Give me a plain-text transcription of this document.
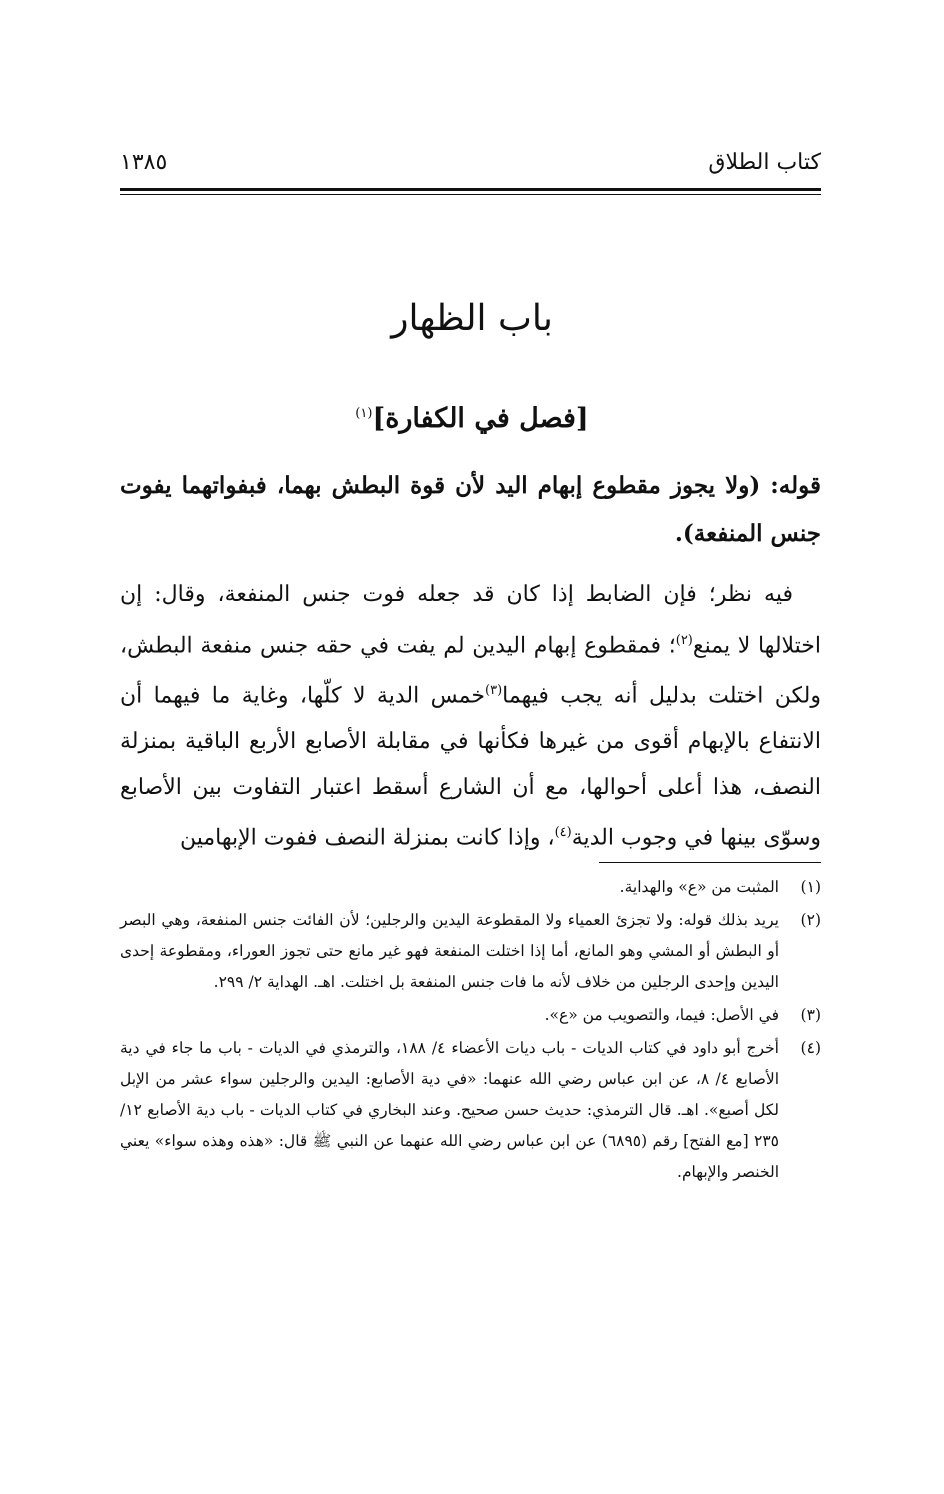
كتاب الطلاق
١٣٨٥
باب الظهار
[فصل في الكفارة]$^{(١)}$
قوله: (ولا يجوز مقطوع إبهام اليد لأن قوة البطش بهما، فبفواتهما يفوت جنس المنفعة).

فيه نظر؛ فإن الضابط إذا كان قد جعله فوت جنس المنفعة، وقال: إن اختلالها لا يمنع$^{(٢)}$؛ فمقطوع إبهام اليدين لم يفت في حقه جنس منفعة البطش، ولكن اختلت بدليل أنه يجب فيهما$^{(٣)}$خمس الدية لا كلّها، وغاية ما فيهما أن الانتفاع بالإبهام أقوى من غيرها فكأنها في مقابلة الأصابع الأربع الباقية بمنزلة النصف، هذا أعلى أحوالها، مع أن الشارع أسقط اعتبار التفاوت بين الأصابع وسوّى بينها في وجوب الدية$^{(٤)}$، وإذا كانت بمنزلة النصف ففوت الإبهامين

(١)
المثبت من «ع» والهداية.
(٢)
يريد بذلك قوله: ولا تجزئ العمياء ولا المقطوعة اليدين والرجلين؛ لأن الفائت جنس المنفعة، وهي البصر أو البطش أو المشي وهو المانع، أما إذا اختلت المنفعة فهو غير مانع حتى تجوز العوراء، ومقطوعة إحدى اليدين وإحدى الرجلين من خلاف لأنه ما فات جنس المنفعة بل اختلت. اهـ. الهداية ٢/ ٢٩٩.
(٣)
في الأصل: فيما، والتصويب من «ع».
(٤)
أخرج أبو داود في كتاب الديات - باب ديات الأعضاء ٤/ ١٨٨، والترمذي في الديات - باب ما جاء في دية الأصابع ٤/ ٨، عن ابن عباس رضي الله عنهما: «في دية الأصابع: اليدين والرجلين سواء عشر من الإبل لكل أصبع». اهـ. قال الترمذي: حديث حسن صحيح. وعند البخاري في كتاب الديات - باب دية الأصابع ١٢/ ٢٣٥ [مع الفتح] رقم (٦٨٩٥) عن ابن عباس رضي الله عنهما عن النبي ﷺ قال: «هذه وهذه سواء» يعني الخنصر والإبهام.
